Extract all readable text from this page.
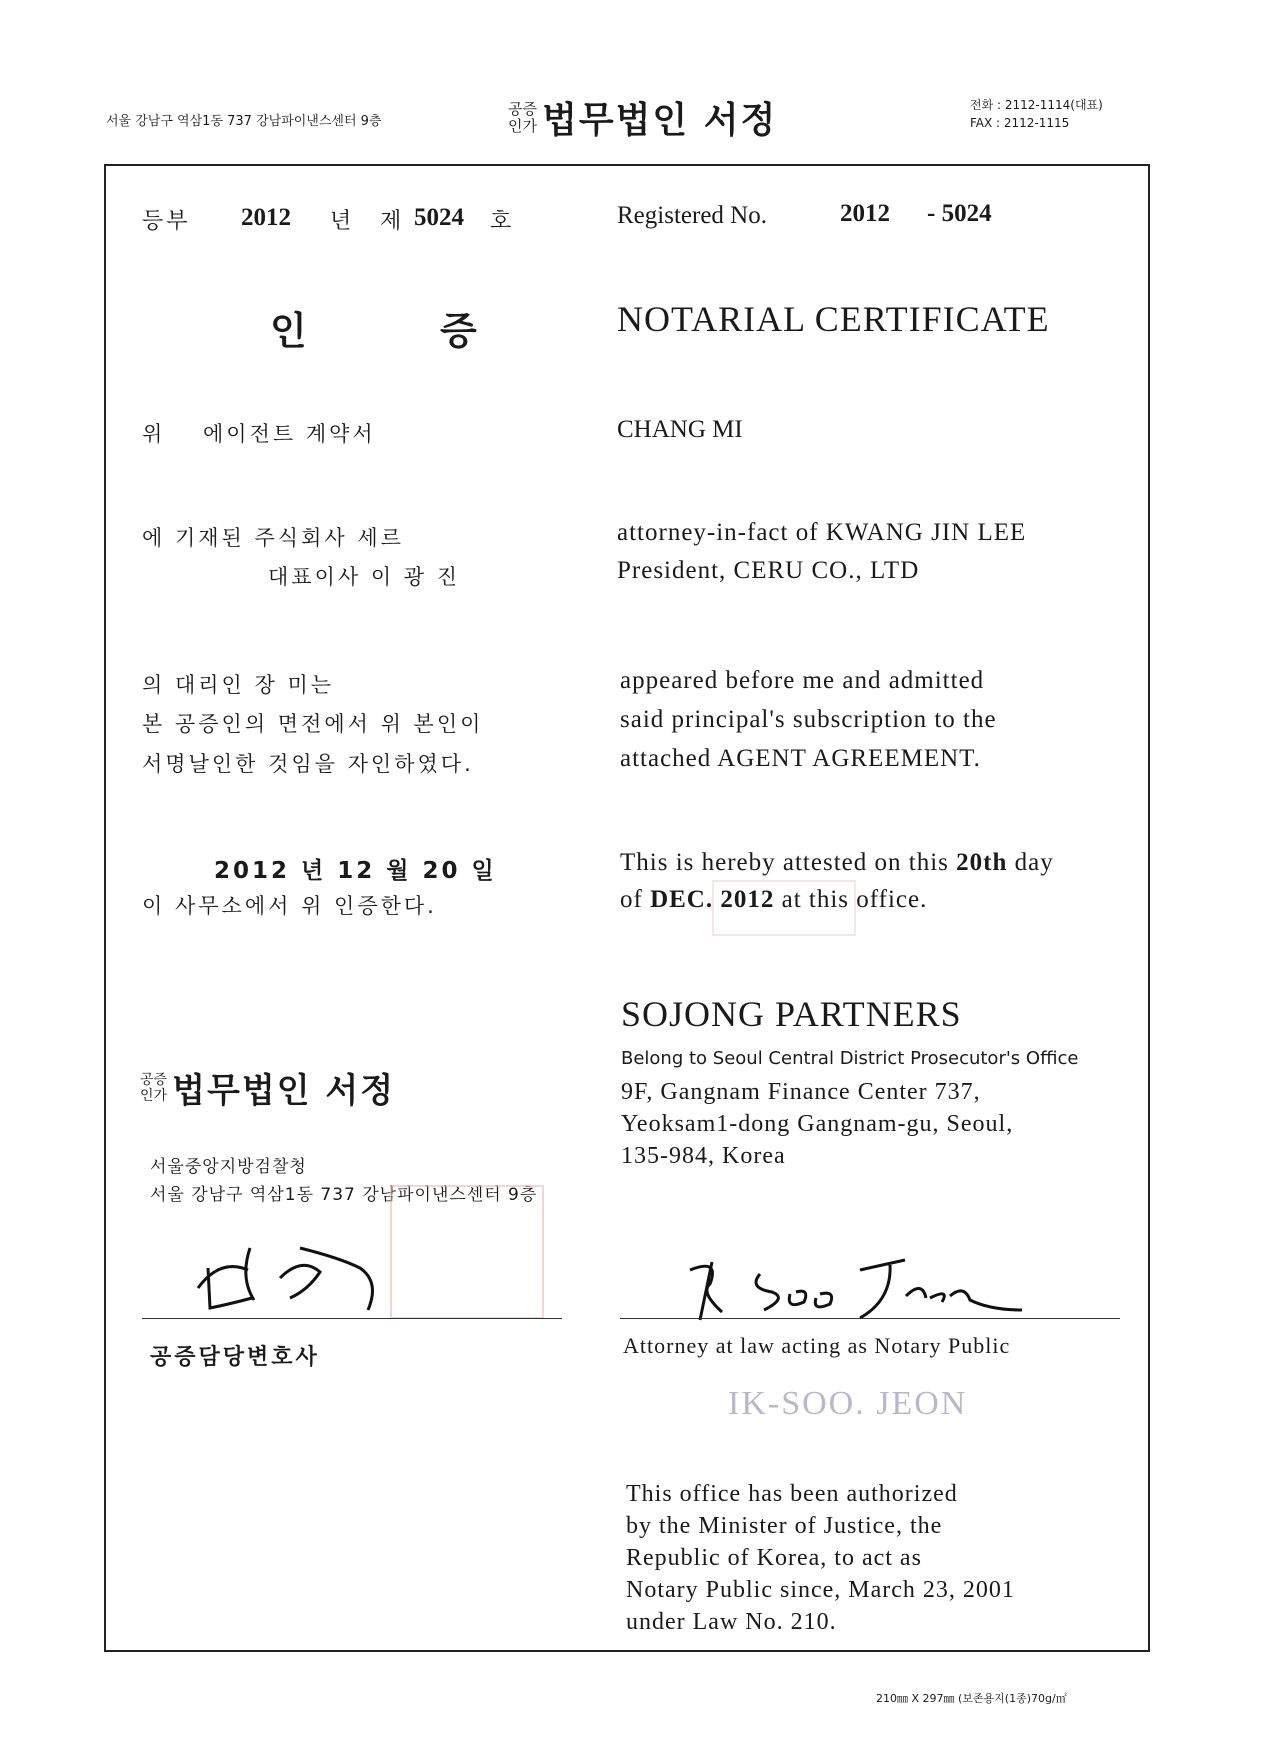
서울 강남구 역삼1동 737 강남파이낸스센터 9층
공증
인가 법무법인 서정	전화 : 2112-1114(대표)
FAX : 2112-1115
등부 2012 년 제 5024 호	Registered No.	2012 - 5024
인	증	NOTARIAL CERTIFICATE
위 에이전트 계약서
에 기재된 주식회사 세르
대표이사 이 광 진
의 대리인 장 미는
본 공증인의 면전에서 위 본인이
서명날인한 것임을 자인하였다.
2012 년 12 월 20 일
이 사무소에서 위 인증한다.
공증
인가 법무법인 서정
서울중앙지방검찰청
서울 강남구 역삼1동 737 강남파이낸스센터 9층
공증담당변호사
CHANG MI
attorney-in-fact of KWANG JIN LEE
President, CERU CO., LTD
appeared before me and admitted
said principal's subscription to the
attached AGENT AGREEMENT.
This is hereby attested on this 20th day
of DEC. 2012 at this office.
SOJONG PARTNERS
Belong to Seoul Central District Prosecutor's Office
9F, Gangnam Finance Center 737,
Yeoksam1-dong Gangnam-gu, Seoul,
135-984, Korea
Attorney at law acting as Notary Public
IK-SOO. JEON
This office has been authorized
by the Minister of Justice, the
Republic of Korea, to act as
Notary Public since, March 23, 2001
under Law No. 210.
210㎜ X 297㎜ (보존용지(1종)70g/㎡
